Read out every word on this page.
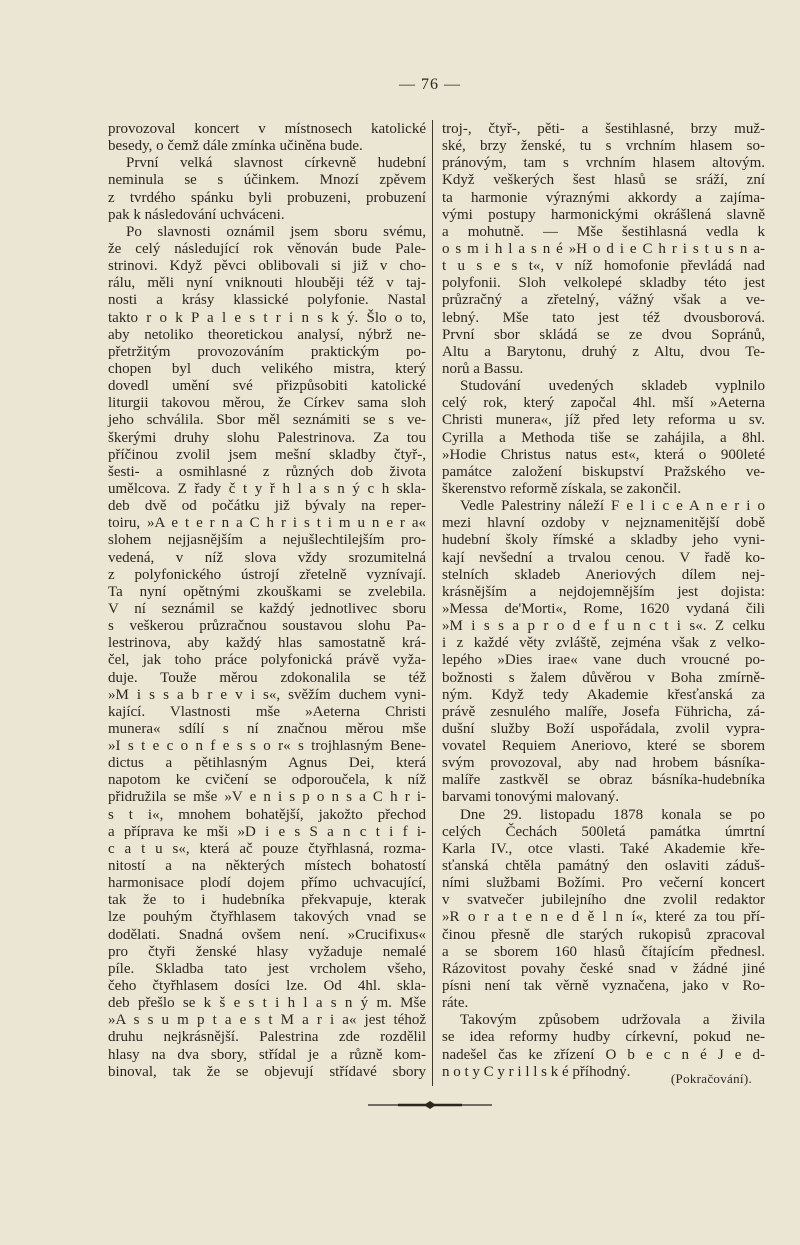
— 76 —
provozoval koncert v místnosech katolické
besedy, o čemž dále zmínka učiněna bude.
První velká slavnost církevně hudební
neminula se s účinkem. Mnozí zpěvem
z tvrdého spánku byli probuzeni, probuzení
pak k následování uchváceni.
Po slavnosti oznámil jsem sboru svému,
že celý následující rok věnován bude Pale-
strinovi. Když pěvci oblibovali si již v cho-
rálu, měli nyní vniknouti hlouběji též v taj-
nosti a krásy klassické polyfonie. Nastal
takto r o k P a l e s t r i n s k ý. Šlo o to,
aby netoliko theoretickou analysí, nýbrž ne-
přetržitým provozováním praktickým po-
chopen byl duch velikého mistra, který
dovedl umění své přizpůsobiti katolické
liturgii takovou měrou, že Církev sama sloh
jeho schválila. Sbor měl seznámiti se s ve-
škerými druhy slohu Palestrinova. Za tou
příčinou zvolil jsem mešní skladby čtyř-,
šesti- a osmihlasné z různých dob života
umělcova. Z řady č t y ř h l a s n ý c h skla-
deb dvě od počátku již bývaly na reper-
toiru, »A e t e r n a C h r i s t i m u n e r a«
slohem nejjasnějším a nejušlechtilejším pro-
vedená, v níž slova vždy srozumitelná
z polyfonického ústrojí zřetelně vyznívají.
Ta nyní opětnými zkouškami se zvelebila.
V ní seznámil se každý jednotlivec sboru
s veškerou průzračnou soustavou slohu Pa-
lestrinova, aby každý hlas samostatně krá-
čel, jak toho práce polyfonická právě vyža-
duje. Touže měrou zdokonalila se též
»M i s s a b r e v i s«, svěžím duchem vyni-
kající. Vlastnosti mše »Aeterna Christi
munera« sdílí s ní značnou měrou mše
»I s t e c o n f e s s o r« s trojhlasným Bene-
dictus a pětihlasným Agnus Dei, která
napotom ke cvičení se odporoučela, k níž
přidružila se mše »V e n i s p o n s a C h r i-
s t i«, mnohem bohatější, jakožto přechod
a příprava ke mši »D i e s S a n c t i f i-
c a t u s«, která ač pouze čtyřhlasná, rozma-
nitostí a na některých místech bohatostí
harmonisace plodí dojem přímo uchvacující,
tak že to i hudebníka překvapuje, kterak
lze pouhým čtyřhlasem takových vnad se
dodělati. Snadná ovšem není. »Crucifixus«
pro čtyři ženské hlasy vyžaduje nemalé
píle. Skladba tato jest vrcholem všeho,
čeho čtyřhlasem dosíci lze. Od 4hl. skla-
deb přešlo se k š e s t i h l a s n ý m. Mše
»A s s u m p t a e s t M a r i a« jest téhož
druhu nejkrásnější. Palestrina zde rozdělil
hlasy na dva sbory, střídal je a různě kom-
binoval, tak že se objevují střídavé sbory
troj-, čtyř-, pěti- a šestihlasné, brzy muž-
ské, brzy ženské, tu s vrchním hlasem so-
pránovým, tam s vrchním hlasem altovým.
Když veškerých šest hlasů se sráží, zní
ta harmonie výraznými akkordy a zajíma-
vými postupy harmonickými okrášlená slavně
a mohutně. — Mše šestihlasná vedla k
o s m i h l a s n é »H o d i e C h r i s t u s n a-
t u s e s t«, v níž homofonie převládá nad
polyfonii. Sloh velkolepé skladby této jest
průzračný a zřetelný, vážný však a ve-
lebný. Mše tato jest též dvousborová.
První sbor skládá se ze dvou Sopránů,
Altu a Barytonu, druhý z Altu, dvou Te-
norů a Bassu.
Studování uvedených skladeb vyplnilo
celý rok, který započal 4hl. mší »Aeterna
Christi munera«, jíž před lety reforma u sv.
Cyrilla a Methoda tiše se zahájila, a 8hl.
»Hodie Christus natus est«, která o 900leté
památce založení biskupství Pražského ve-
škerenstvo reformě získala, se zakončil.
Vedle Palestriny náleží F e l i c e A n e r i o
mezi hlavní ozdoby v nejznamenitější době
hudební školy římské a skladby jeho vyni-
kají nevšední a trvalou cenou. V řadě ko-
stelních skladeb Aneriových dílem nej-
krásnějším a nejdojemnějším jest dojista:
»Messa de'Morti«, Rome, 1620 vydaná čili
»M i s s a p r o d e f u n c t i s«. Z celku
i z každé věty zvláště, zejména však z velko-
lepého »Dies irae« vane duch vroucné po-
božnosti s žalem důvěrou v Boha zmírně-
ným. Když tedy Akademie křesťanská za
právě zesnulého malíře, Josefa Führicha, zá-
dušní služby Boží uspořádala, zvolil vypra-
vovatel Requiem Aneriovo, které se sborem
svým provozoval, aby nad hrobem básníka-
malíře zastkvěl se obraz básníka-hudebníka
barvami tonovými malovaný.
Dne 29. listopadu 1878 konala se po
celých Čechách 500letá památka úmrtní
Karla IV., otce vlasti. Také Akademie kře-
sťanská chtěla památný den oslaviti záduš-
ními službami Božími. Pro večerní koncert
v svatvečer jubilejního dne zvolil redaktor
»R o r a t e n e d ě l n í«, které za tou pří-
činou přesně dle starých rukopisů zpracoval
a se sborem 160 hlasů čítajícím přednesl.
Rázovitost povahy české snad v žádné jiné
písni není tak věrně vyznačena, jako v Ro-
ráte.
Takovým způsobem udržovala a živila
se idea reformy hudby církevní, pokud ne-
nadešel čas ke zřízení O b e c n é J e d-
n o t y C y r i l l s k é příhodný.	(Pokračování).
